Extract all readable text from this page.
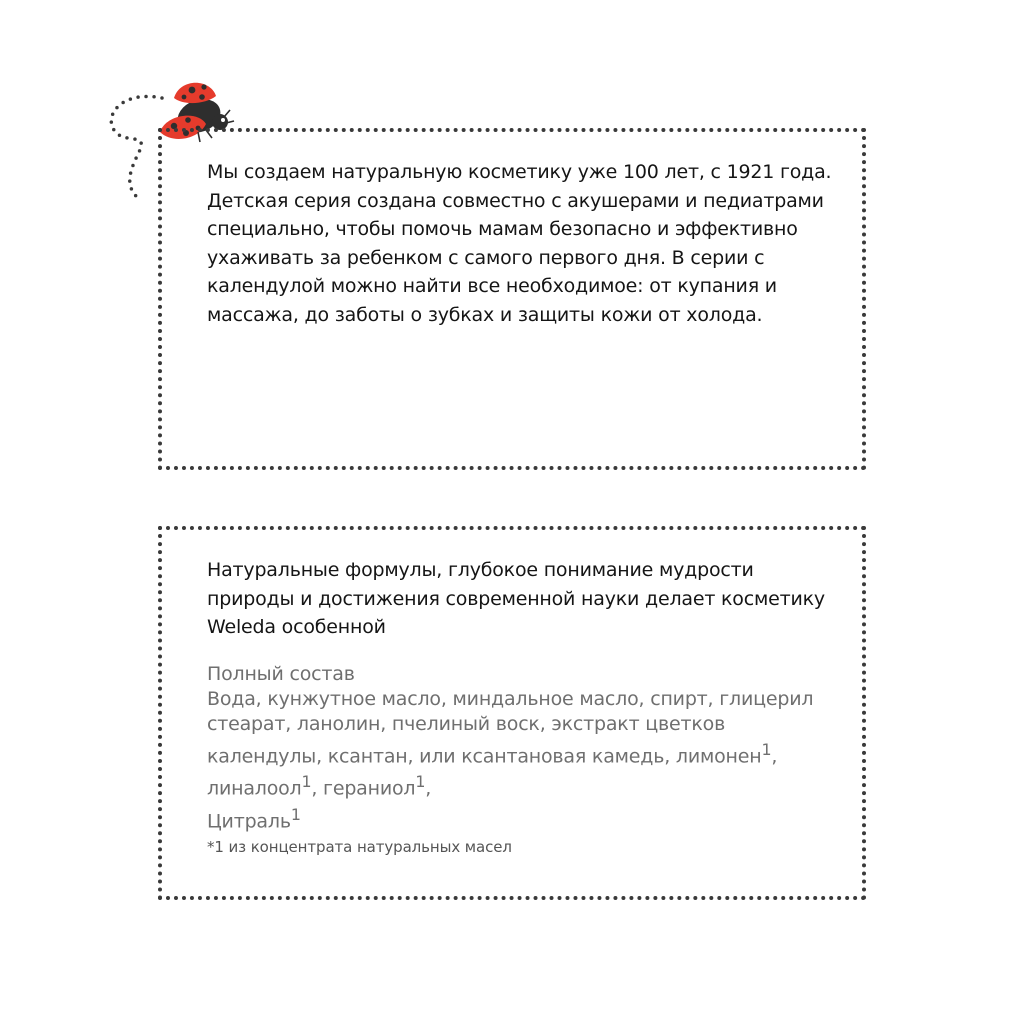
Мы создаем натуральную косметику уже 100 лет, с 1921 года. Детская серия создана совместно с акушерами и педиатрами специально, чтобы помочь мамам безопасно и эффективно ухаживать за ребенком с самого первого дня. В серии с календулой можно найти все необходимое: от купания и массажа, до заботы о зубках и защиты кожи от холода.
Натуральные формулы, глубокое понимание мудрости природы и достижения современной науки делает косметику Weleda особенной
Полный состав
Вода, кунжутное масло, миндальное масло, спирт, глицерил стеарат, ланолин, пчелиный воск, экстракт цветков календулы, ксантан, или ксантановая камедь, лимонен$^1$, линалоол$^1$, гераниол$^1$,
Цитраль$^1$
*1 из концентрата натуральных масел
